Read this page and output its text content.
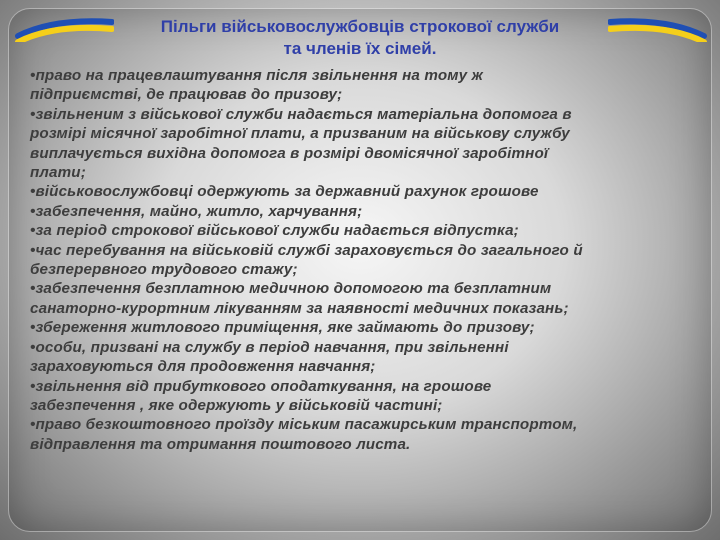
Пільги військовослужбовців строкової служби
та членів їх сімей.
•право на працевлаштування після звільнення на тому ж
підприємстві, де працював до призову;
•звільненим з військової служби надається матеріальна допомога в
розмірі місячної заробітної плати, а призваним на військову службу
виплачується вихідна допомога в розмірі двомісячної заробітної
плати;
•військовослужбовці одержують за державний рахунок грошове
•забезпечення, майно, житло, харчування;
•за період строкової військової служби надається відпустка;
•час перебування на військовій службі зараховується до загального й
безперервного трудового стажу;
•забезпечення безплатною медичною допомогою та безплатним
санаторно-курортним лікуванням за наявності медичних показань;
•збереження житлового приміщення, яке займають до призову;
•особи, призвані на службу в період навчання, при звільненні
зараховуються для продовження навчання;
•звільнення від прибуткового оподаткування, на грошове
забезпечення , яке одержують у військовій частині;
•право безкоштовного проїзду міським пасажирським транспортом,
відправлення та отримання поштового листа.
